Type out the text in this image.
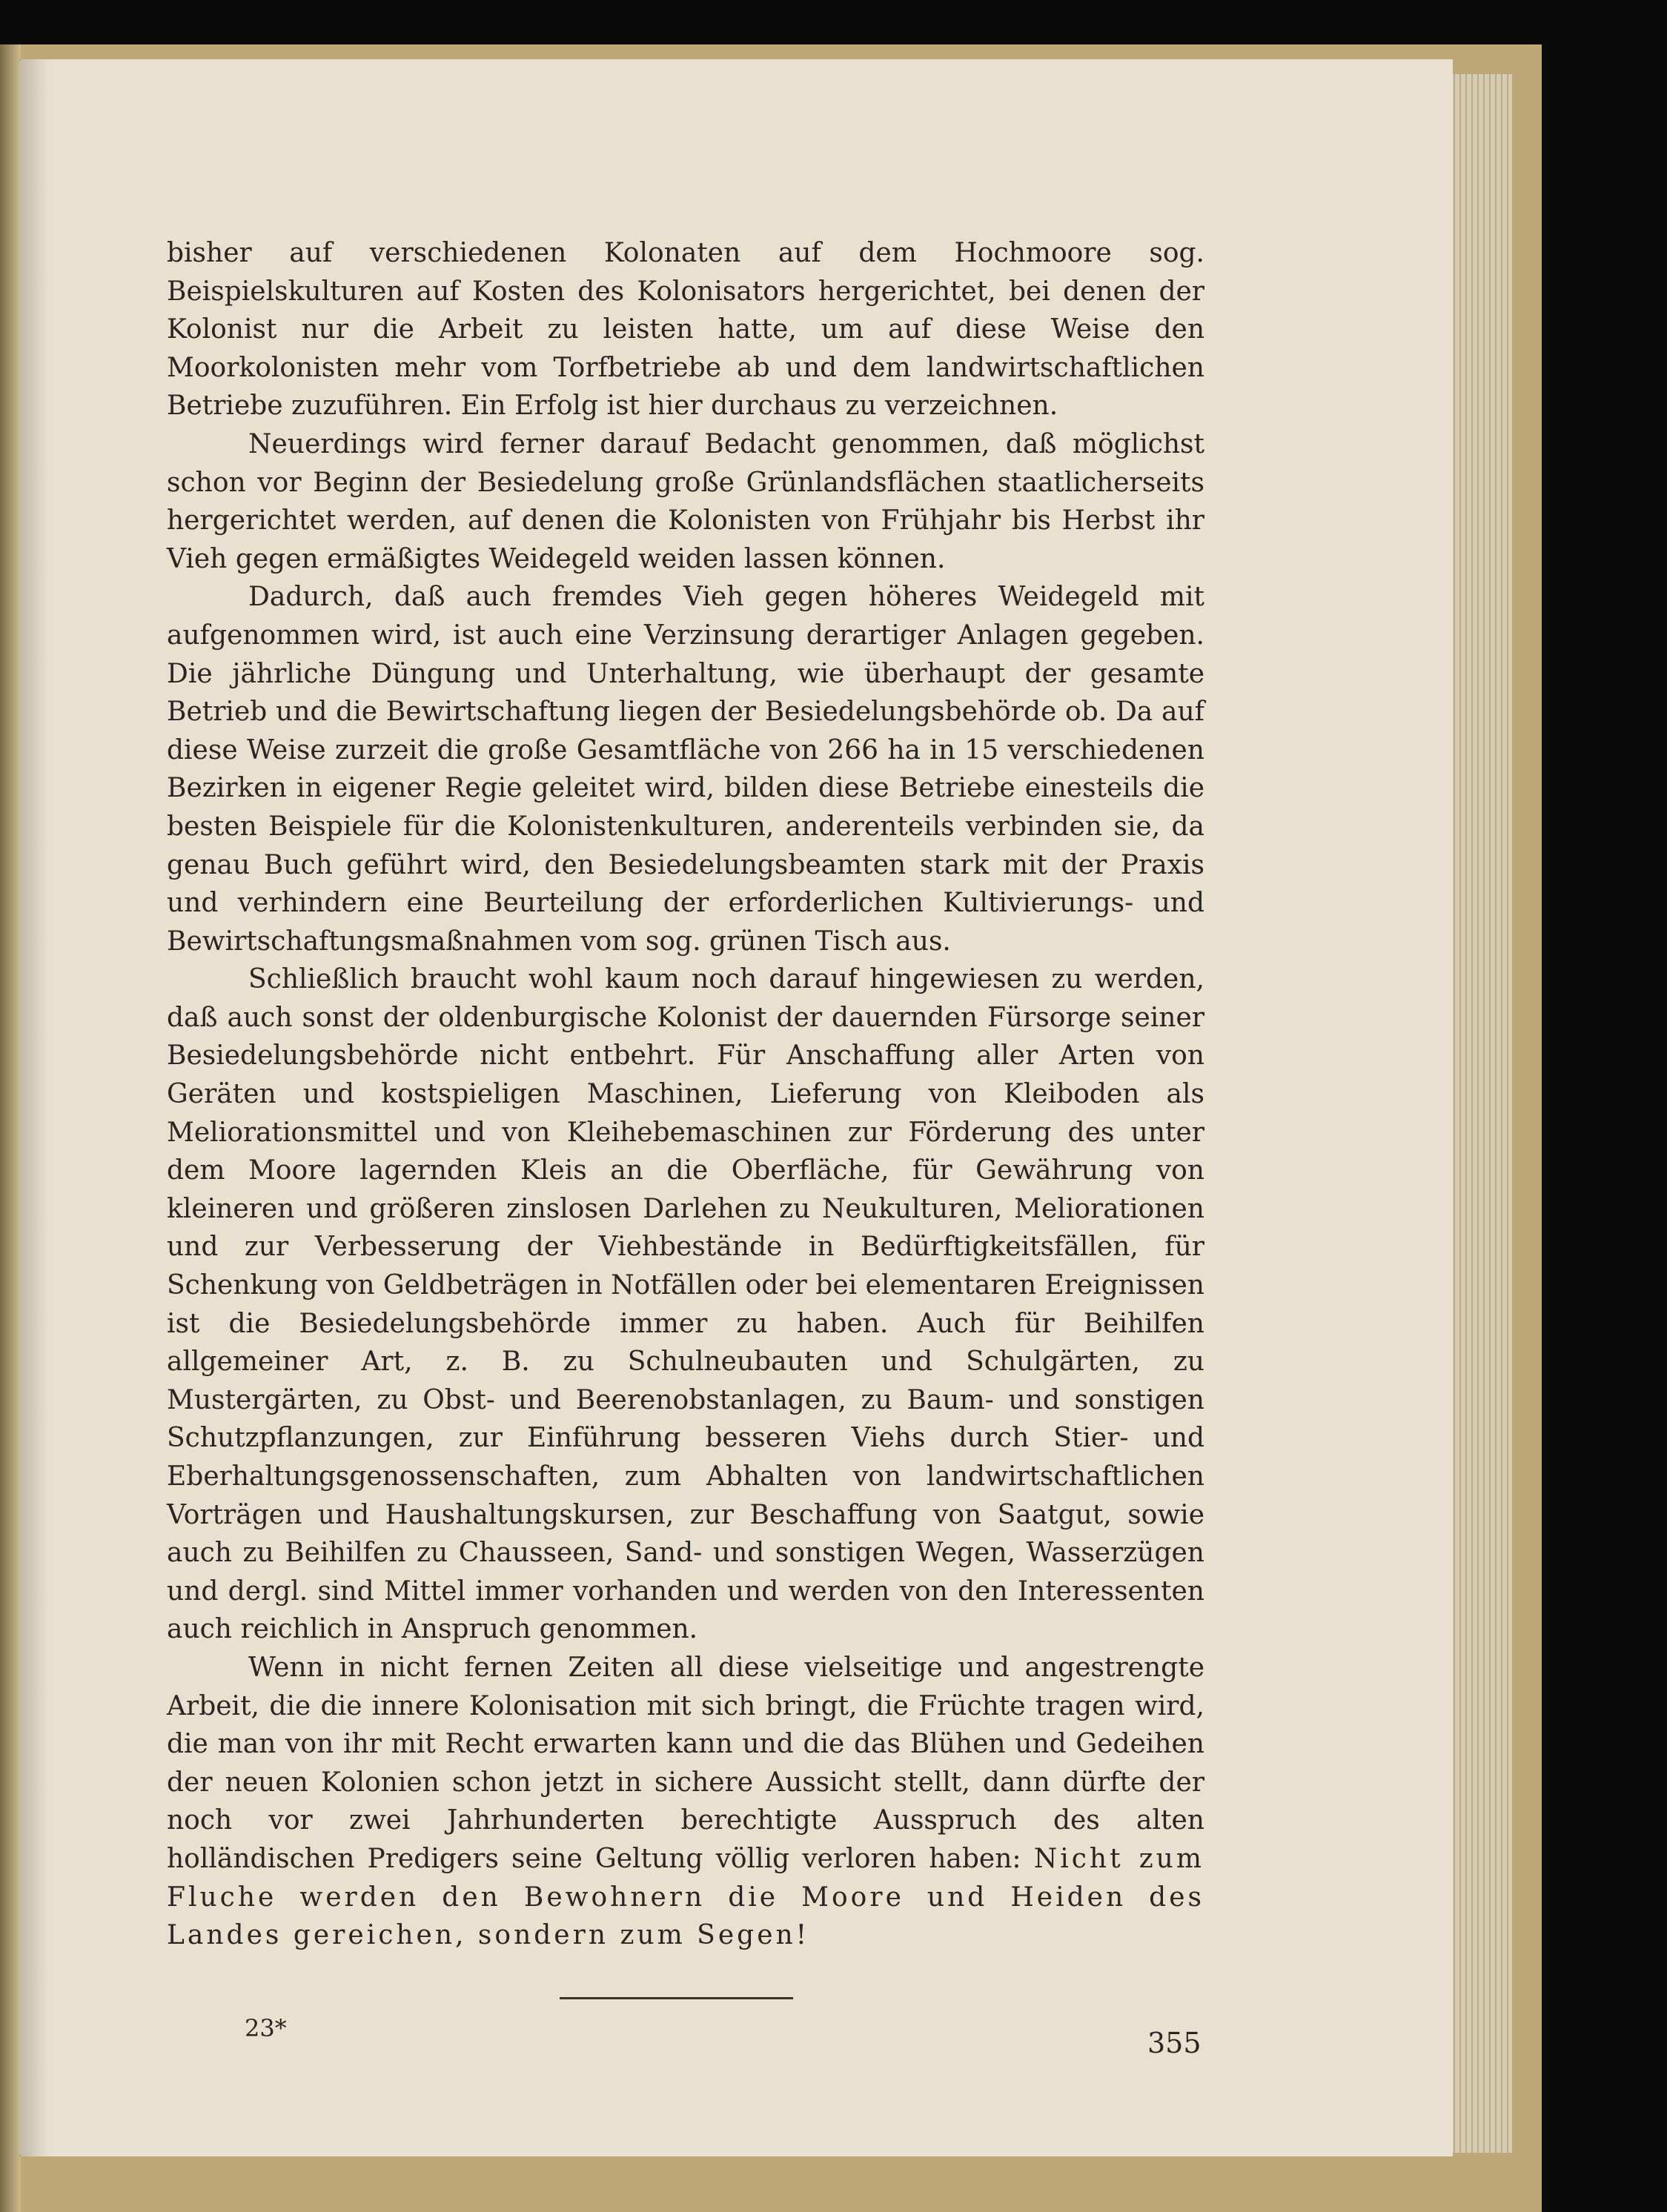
bisher auf verschiedenen Kolonaten auf dem Hochmoore sog. Beispielskulturen auf Kosten des Kolonisators hergerichtet, bei denen der Kolonist nur die Arbeit zu leisten hatte, um auf diese Weise den Moorkolonisten mehr vom Torfbetriebe ab und dem landwirtschaftlichen Betriebe zuzuführen. Ein Erfolg ist hier durchaus zu verzeichnen.

Neuerdings wird ferner darauf Bedacht genommen, daß möglichst schon vor Beginn der Besiedelung große Grünlandsflächen staatlicherseits hergerichtet werden, auf denen die Kolonisten von Frühjahr bis Herbst ihr Vieh gegen ermäßigtes Weidegeld weiden lassen können.

Dadurch, daß auch fremdes Vieh gegen höheres Weidegeld mit aufgenommen wird, ist auch eine Verzinsung derartiger Anlagen gegeben. Die jährliche Düngung und Unterhaltung, wie überhaupt der gesamte Betrieb und die Bewirtschaftung liegen der Besiedelungsbehörde ob. Da auf diese Weise zurzeit die große Gesamtfläche von 266 ha in 15 verschiedenen Bezirken in eigener Regie geleitet wird, bilden diese Betriebe einesteils die besten Beispiele für die Kolonistenkulturen, anderenteils verbinden sie, da genau Buch geführt wird, den Besiedelungsbeamten stark mit der Praxis und verhindern eine Beurteilung der erforderlichen Kultivierungs- und Bewirtschaftungsmaßnahmen vom sog. grünen Tisch aus.

Schließlich braucht wohl kaum noch darauf hingewiesen zu werden, daß auch sonst der oldenburgische Kolonist der dauernden Fürsorge seiner Besiedelungsbehörde nicht entbehrt. Für Anschaffung aller Arten von Geräten und kostspieligen Maschinen, Lieferung von Kleiboden als Meliorationsmittel und von Kleihebemaschinen zur Förderung des unter dem Moore lagernden Kleis an die Oberfläche, für Gewährung von kleineren und größeren zinslosen Darlehen zu Neukulturen, Meliorationen und zur Verbesserung der Viehbestände in Bedürftigkeitsfällen, für Schenkung von Geldbeträgen in Notfällen oder bei elementaren Ereignissen ist die Besiedelungsbehörde immer zu haben. Auch für Beihilfen allgemeiner Art, z. B. zu Schulneubauten und Schulgärten, zu Mustergärten, zu Obst- und Beerenobstanlagen, zu Baum- und sonstigen Schutzpflanzungen, zur Einführung besseren Viehs durch Stier- und Eberhaltungsgenossenschaften, zum Abhalten von landwirtschaftlichen Vorträgen und Haushaltungskursen, zur Beschaffung von Saatgut, sowie auch zu Beihilfen zu Chausseen, Sand- und sonstigen Wegen, Wasserzügen und dergl. sind Mittel immer vorhanden und werden von den Interessenten auch reichlich in Anspruch genommen.

Wenn in nicht fernen Zeiten all diese vielseitige und angestrengte Arbeit, die die innere Kolonisation mit sich bringt, die Früchte tragen wird, die man von ihr mit Recht erwarten kann und die das Blühen und Gedeihen der neuen Kolonien schon jetzt in sichere Aussicht stellt, dann dürfte der noch vor zwei Jahrhunderten berechtigte Ausspruch des alten holländischen Predigers seine Geltung völlig verloren haben: Nicht zum Fluche werden den Bewohnern die Moore und Heiden des Landes gereichen, sondern zum Segen!

23*	355
